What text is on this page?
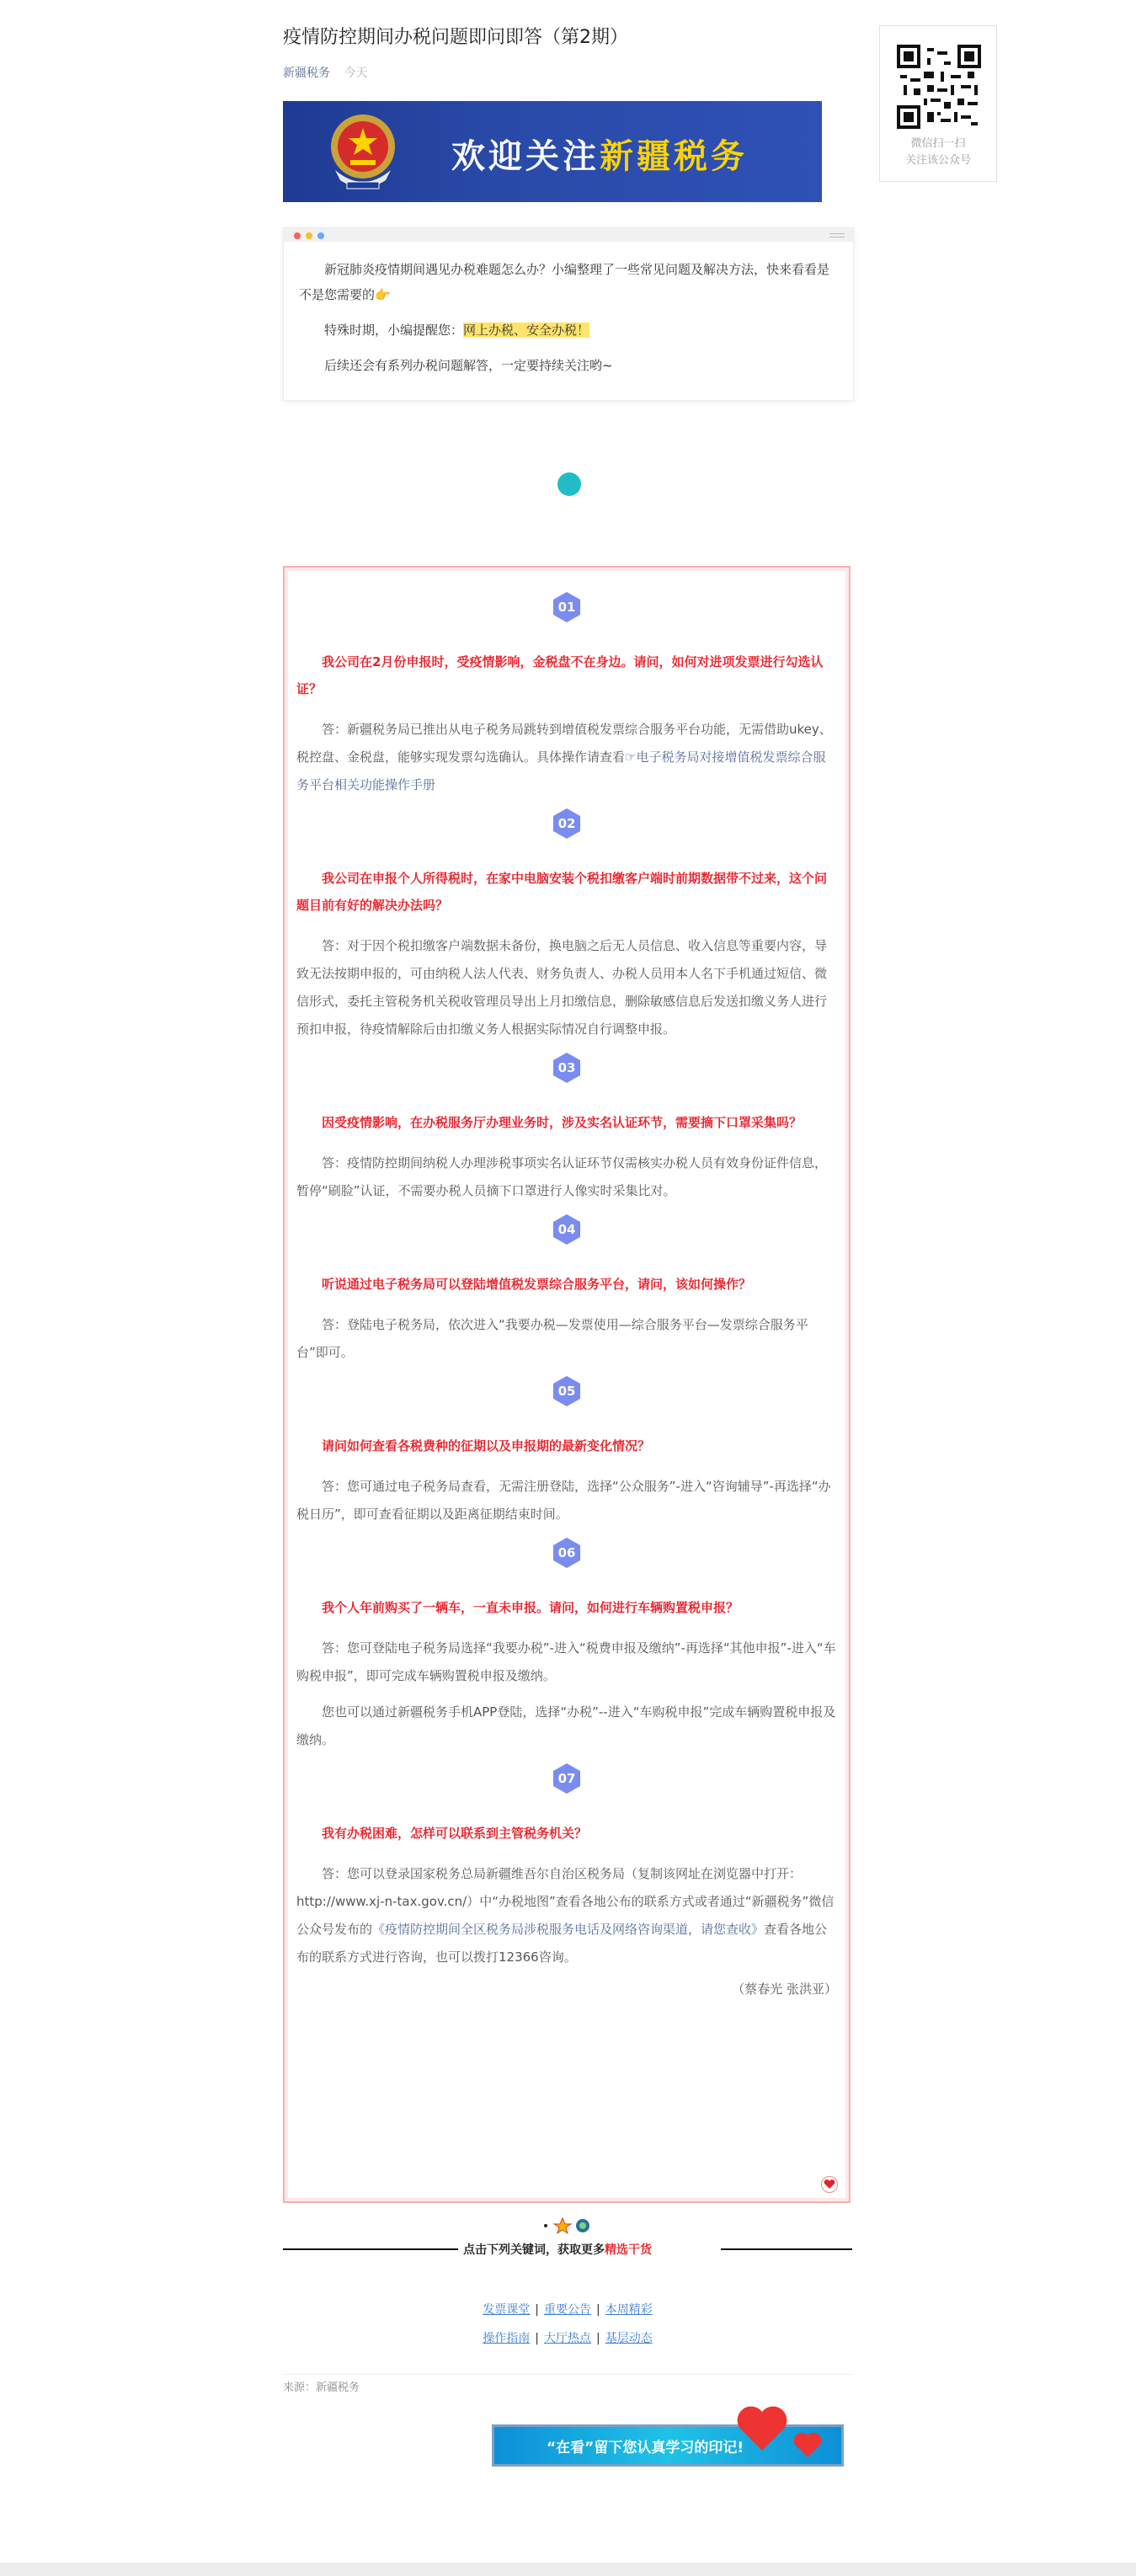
疫情防控期间办税问题即问即答（第2期）
新疆税务 今天
欢迎关注新疆税务

新冠肺炎疫情期间遇见办税难题怎么办？小编整理了一些常见问题及解决方法，快来看看是不是您需要的👉

特殊时期，小编提醒您：网上办税、安全办税！

后续还会有系列办税问题解答，一定要持续关注哟~

01

我公司在2月份申报时，受疫情影响，金税盘不在身边。请问，如何对进项发票进行勾选认证？

答：新疆税务局已推出从电子税务局跳转到增值税发票综合服务平台功能，无需借助ukey、税控盘、金税盘，能够实现发票勾选确认。具体操作请查看☞电子税务局对接增值税发票综合服务平台相关功能操作手册

02

我公司在申报个人所得税时，在家中电脑安装个税扣缴客户端时前期数据带不过来，这个问题目前有好的解决办法吗？

答：对于因个税扣缴客户端数据未备份，换电脑之后无人员信息、收入信息等重要内容，导致无法按期申报的，可由纳税人法人代表、财务负责人、办税人员用本人名下手机通过短信、微信形式，委托主管税务机关税收管理员导出上月扣缴信息，删除敏感信息后发送扣缴义务人进行预扣申报，待疫情解除后由扣缴义务人根据实际情况自行调整申报。

03

因受疫情影响，在办税服务厅办理业务时，涉及实名认证环节，需要摘下口罩采集吗？

答：疫情防控期间纳税人办理涉税事项实名认证环节仅需核实办税人员有效身份证件信息，暂停“刷脸”认证，不需要办税人员摘下口罩进行人像实时采集比对。

04

听说通过电子税务局可以登陆增值税发票综合服务平台，请问，该如何操作？

答：登陆电子税务局，依次进入“我要办税—发票使用—综合服务平台—发票综合服务平台”即可。

05

请问如何查看各税费种的征期以及申报期的最新变化情况？

答：您可通过电子税务局查看，无需注册登陆，选择“公众服务”-进入“咨询辅导”-再选择“办税日历”，即可查看征期以及距离征期结束时间。

06

我个人年前购买了一辆车，一直未申报。请问，如何进行车辆购置税申报？

答：您可登陆电子税务局选择“我要办税”-进入“税费申报及缴纳”-再选择“其他申报”-进入“车购税申报”，即可完成车辆购置税申报及缴纳。

您也可以通过新疆税务手机APP登陆，选择“办税”--进入“车购税申报”完成车辆购置税申报及缴纳。

07

我有办税困难，怎样可以联系到主管税务机关？

答：您可以登录国家税务总局新疆维吾尔自治区税务局（复制该网址在浏览器中打开：http://www.xj-n-tax.gov.cn/）中“办税地图”查看各地公布的联系方式或者通过“新疆税务”微信公众号发布的《疫情防控期间全区税务局涉税服务电话及网络咨询渠道，请您查收》查看各地公布的联系方式进行咨询，也可以拨打12366咨询。

（蔡春光 张洪亚）
点击下列关键词，获取更多精选干货
发票课堂 | 重要公告 | 本周精彩
操作指南 | 大厅热点 | 基层动态
来源：新疆税务
“在看”留下您认真学习的印记!
微信扫一扫
关注该公众号
